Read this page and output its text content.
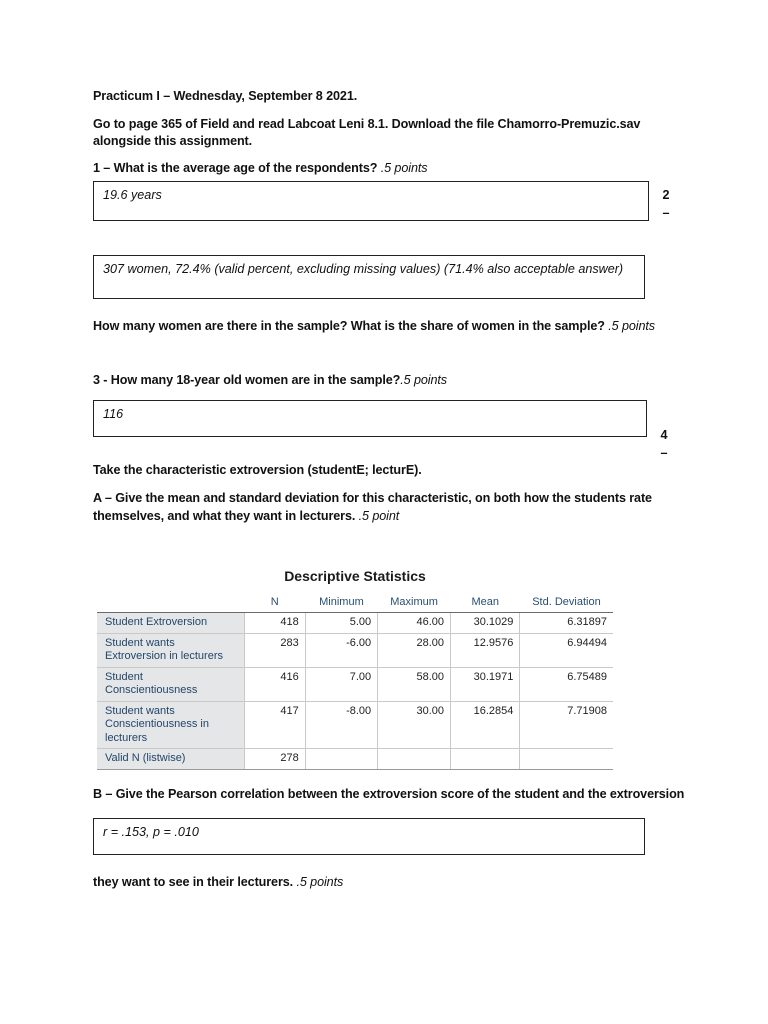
Practicum I – Wednesday, September 8 2021.
Go to page 365 of Field and read Labcoat Leni 8.1. Download the file Chamorro-Premuzic.sav
alongside this assignment.
1 – What is the average age of the respondents? .5 points
19.6 years	2
–
307 women, 72.4% (valid percent, excluding missing values) (71.4% also acceptable answer)
How many women are there in the sample? What is the share of women in the sample? .5 points
3 - How many 18-year old women are in the sample?.5 points
116
4
–
Take the characteristic extroversion (studentE; lecturE).
A – Give the mean and standard deviation for this characteristic, on both how the students rate
themselves, and what they want in lecturers. .5 point
Descriptive Statistics
	N	Minimum	Maximum	Mean	Std. Deviation
Student Extroversion	418	5.00	46.00	30.1029	6.31897
Student wants Extroversion in lecturers	283	-6.00	28.00	12.9576	6.94494
Student Conscientiousness	416	7.00	58.00	30.1971	6.75489
Student wants Conscientiousness in lecturers	417	-8.00	30.00	16.2854	7.71908
Valid N (listwise)	278				
B – Give the Pearson correlation between the extroversion score of the student and the extroversion
r = .153, p = .010
they want to see in their lecturers. .5 points
